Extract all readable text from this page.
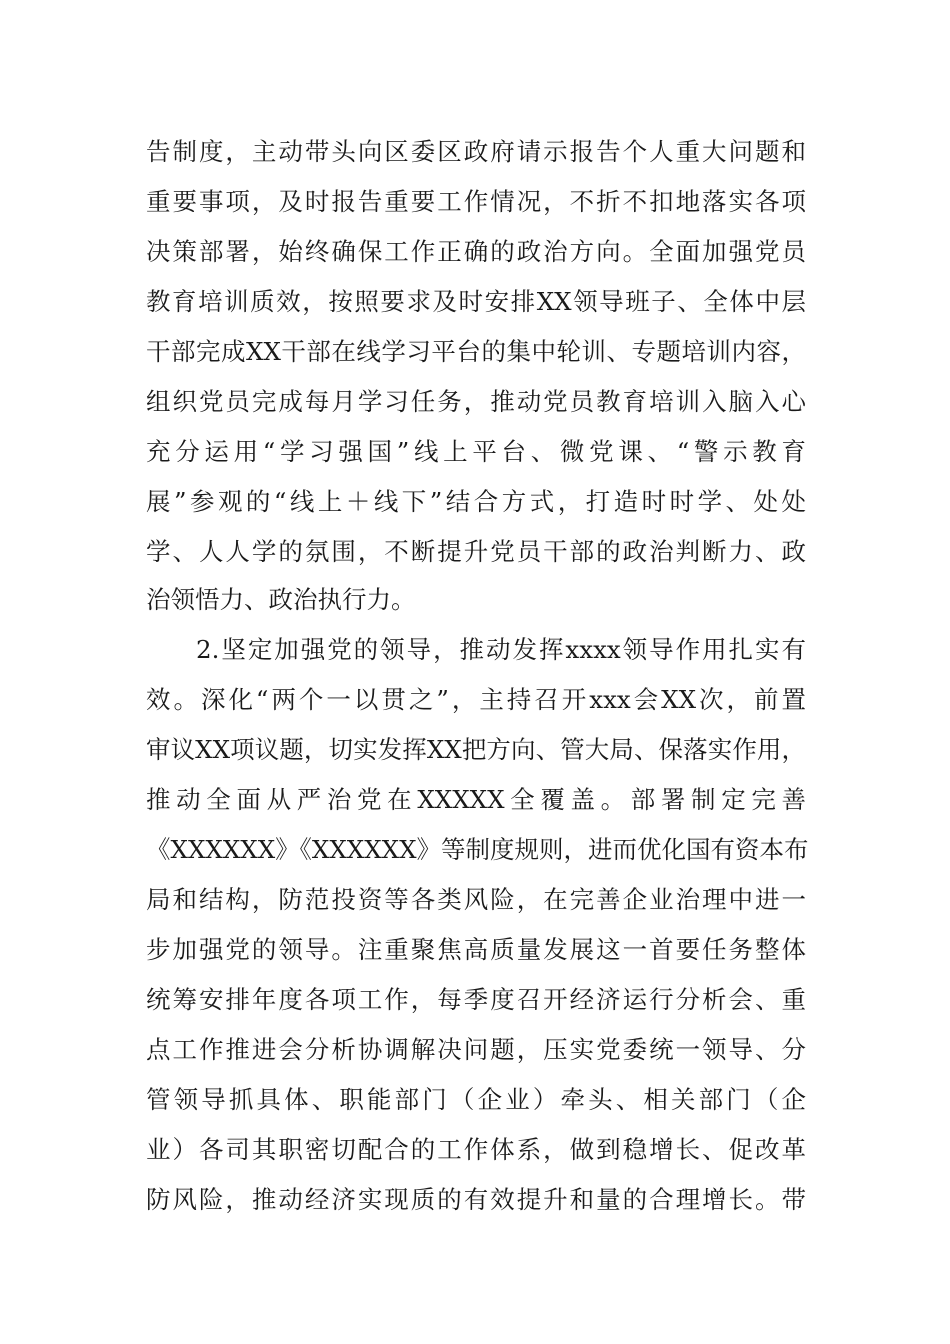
告制度，主动带头向区委区政府请示报告个人重大问题和

重要事项，及时报告重要工作情况，不折不扣地落实各项

决策部署，始终确保工作正确的政治方向。全面加强党员

教育培训质效，按照要求及时安排XX领导班子、全体中层

干部完成XX干部在线学习平台的集中轮训、专题培训内容，

组织党员完成每月学习任务，推动党员教育培训入脑入心

充分运用“学习强国”线上平台、微党课、“警示教育

展”参观的“线上＋线下”结合方式，打造时时学、处处

学、人人学的氛围，不断提升党员干部的政治判断力、政

治领悟力、政治执行力。

2.坚定加强党的领导，推动发挥xxxx领导作用扎实有

效。深化“两个一以贯之”，主持召开xxx会XX次，前置

审议XX项议题，切实发挥XX把方向、管大局、保落实作用，

推动全面从严治党在XXXXX全覆盖。部署制定完善

《XXXXXX》《XXXXXX》等制度规则，进而优化国有资本布

局和结构，防范投资等各类风险，在完善企业治理中进一

步加强党的领导。注重聚焦高质量发展这一首要任务整体

统筹安排年度各项工作，每季度召开经济运行分析会、重

点工作推进会分析协调解决问题，压实党委统一领导、分

管领导抓具体、职能部门（企业）牵头、相关部门（企

业）各司其职密切配合的工作体系，做到稳增长、促改革

防风险，推动经济实现质的有效提升和量的合理增长。带
